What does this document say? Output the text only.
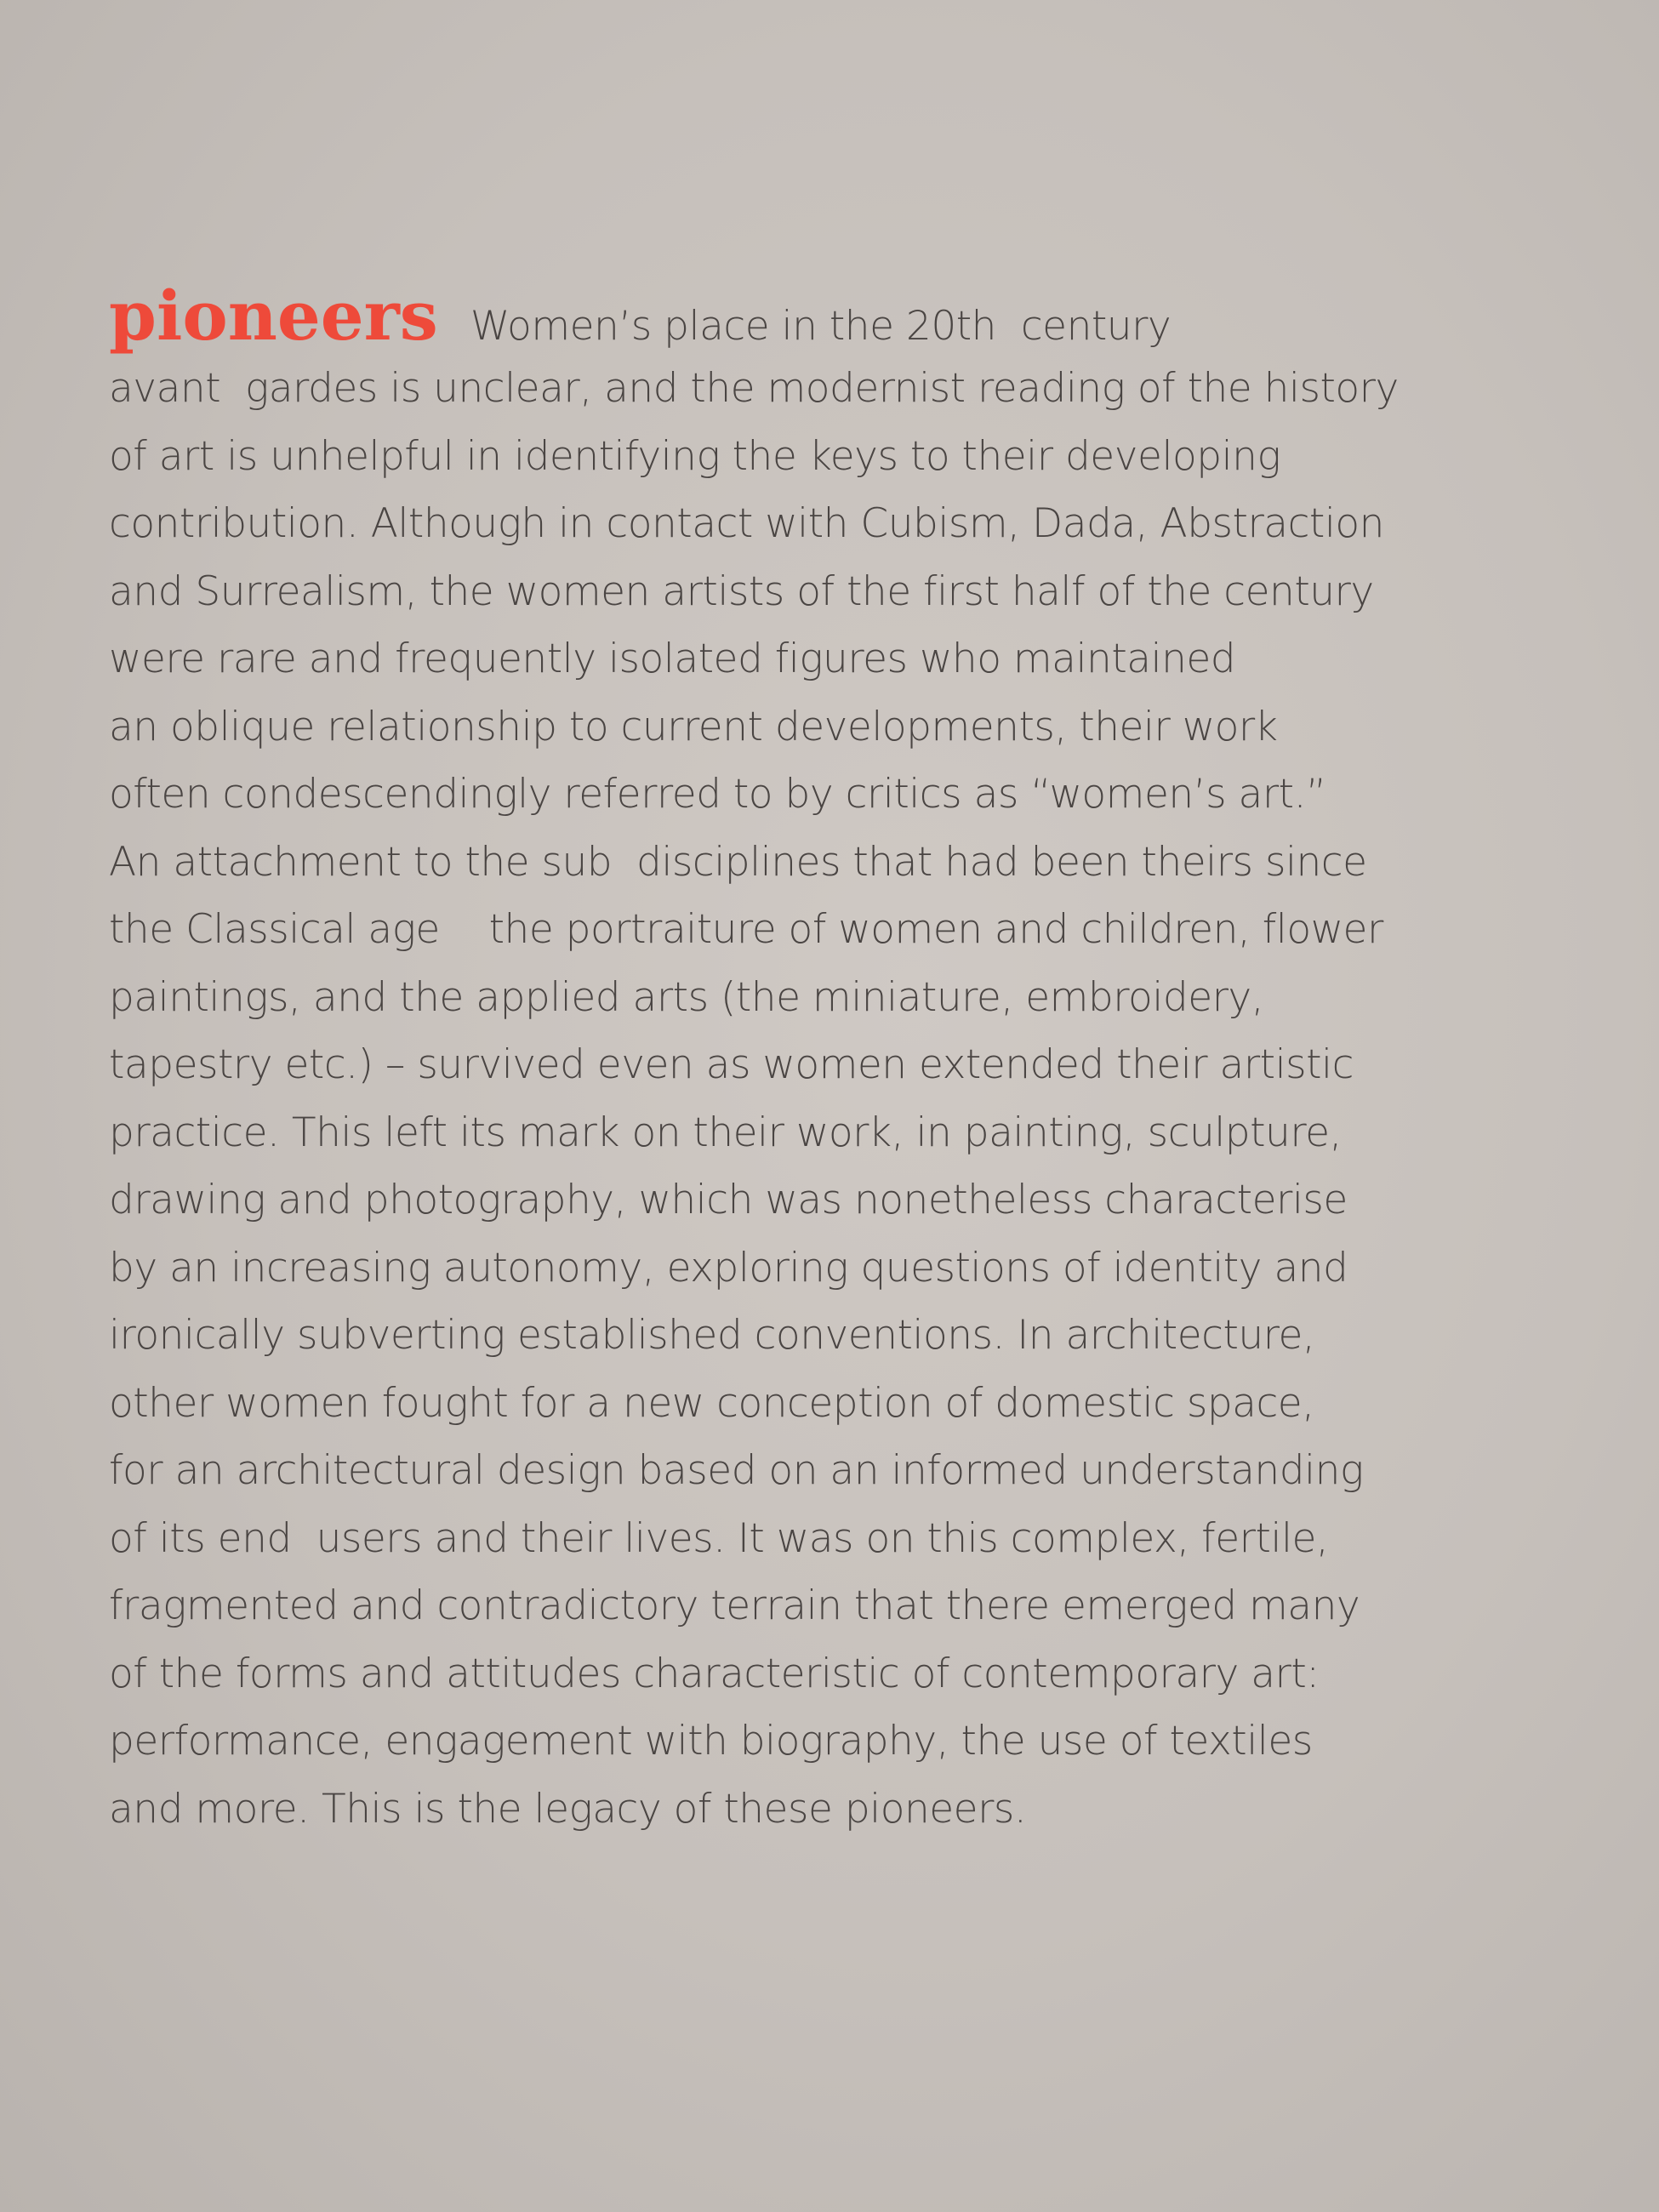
pioneers Women’s place in the 20th  century
avant  gardes is unclear, and the modernist reading of the history
of art is unhelpful in identifying the keys to their developing
contribution. Although in contact with Cubism, Dada, Abstraction
and Surrealism, the women artists of the first half of the century
were rare and frequently isolated figures who maintained
an oblique relationship to current developments, their work
often condescendingly referred to by critics as “women’s art.”
An attachment to the sub  disciplines that had been theirs since
the Classical age    the portraiture of women and children, flower
paintings, and the applied arts (the miniature, embroidery,
tapestry etc.) – survived even as women extended their artistic
practice. This left its mark on their work, in painting, sculpture,
drawing and photography, which was nonetheless characterise
by an increasing autonomy, exploring questions of identity and
ironically subverting established conventions. In architecture,
other women fought for a new conception of domestic space,
for an architectural design based on an informed understanding
of its end  users and their lives. It was on this complex, fertile,
fragmented and contradictory terrain that there emerged many
of the forms and attitudes characteristic of contemporary art:
performance, engagement with biography, the use of textiles
and more. This is the legacy of these pioneers.
